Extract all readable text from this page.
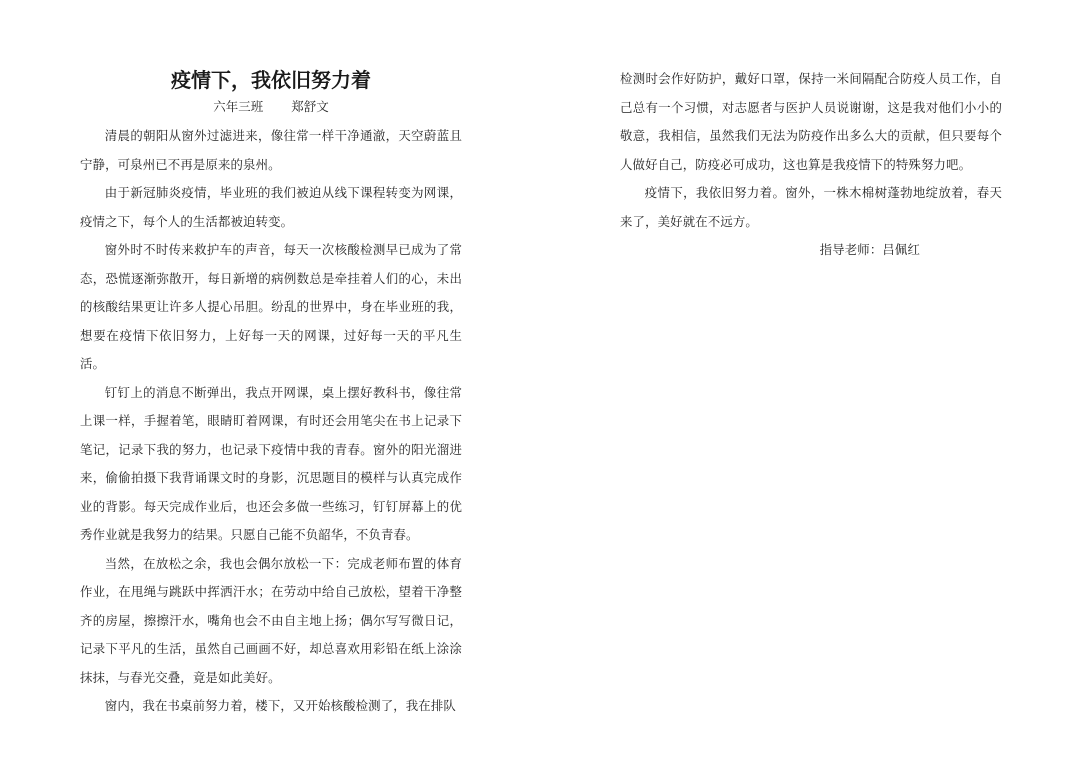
疫情下，我依旧努力着
六年三班 郑舒文

清晨的朝阳从窗外过滤进来，像往常一样干净通澈，天空蔚蓝且宁静，可泉州已不再是原来的泉州。

由于新冠肺炎疫情，毕业班的我们被迫从线下课程转变为网课，疫情之下，每个人的生活都被迫转变。

窗外时不时传来救护车的声音，每天一次核酸检测早已成为了常态，恐慌逐渐弥散开，每日新增的病例数总是牵挂着人们的心，未出的核酸结果更让许多人提心吊胆。纷乱的世界中，身在毕业班的我，想要在疫情下依旧努力，上好每一天的网课，过好每一天的平凡生活。

钉钉上的消息不断弹出，我点开网课，桌上摆好教科书，像往常上课一样，手握着笔，眼睛盯着网课，有时还会用笔尖在书上记录下笔记，记录下我的努力，也记录下疫情中我的青春。窗外的阳光溜进来，偷偷拍摄下我背诵课文时的身影，沉思题目的模样与认真完成作业的背影。每天完成作业后，也还会多做一些练习，钉钉屏幕上的优秀作业就是我努力的结果。只愿自己能不负韶华，不负青春。

当然，在放松之余，我也会偶尔放松一下：完成老师布置的体育作业，在甩绳与跳跃中挥洒汗水；在劳动中给自己放松，望着干净整齐的房屋，擦擦汗水，嘴角也会不由自主地上扬；偶尔写写微日记，记录下平凡的生活，虽然自己画画不好，却总喜欢用彩铅在纸上涂涂抹抹，与春光交叠，竟是如此美好。

窗内，我在书桌前努力着，楼下，又开始核酸检测了，我在排队

检测时会作好防护，戴好口罩，保持一米间隔配合防疫人员工作，自己总有一个习惯，对志愿者与医护人员说谢谢，这是我对他们小小的敬意，我相信，虽然我们无法为防疫作出多么大的贡献，但只要每个人做好自己，防疫必可成功，这也算是我疫情下的特殊努力吧。

疫情下，我依旧努力着。窗外，一株木棉树蓬勃地绽放着，春天来了，美好就在不远方。

指导老师：吕佩红
